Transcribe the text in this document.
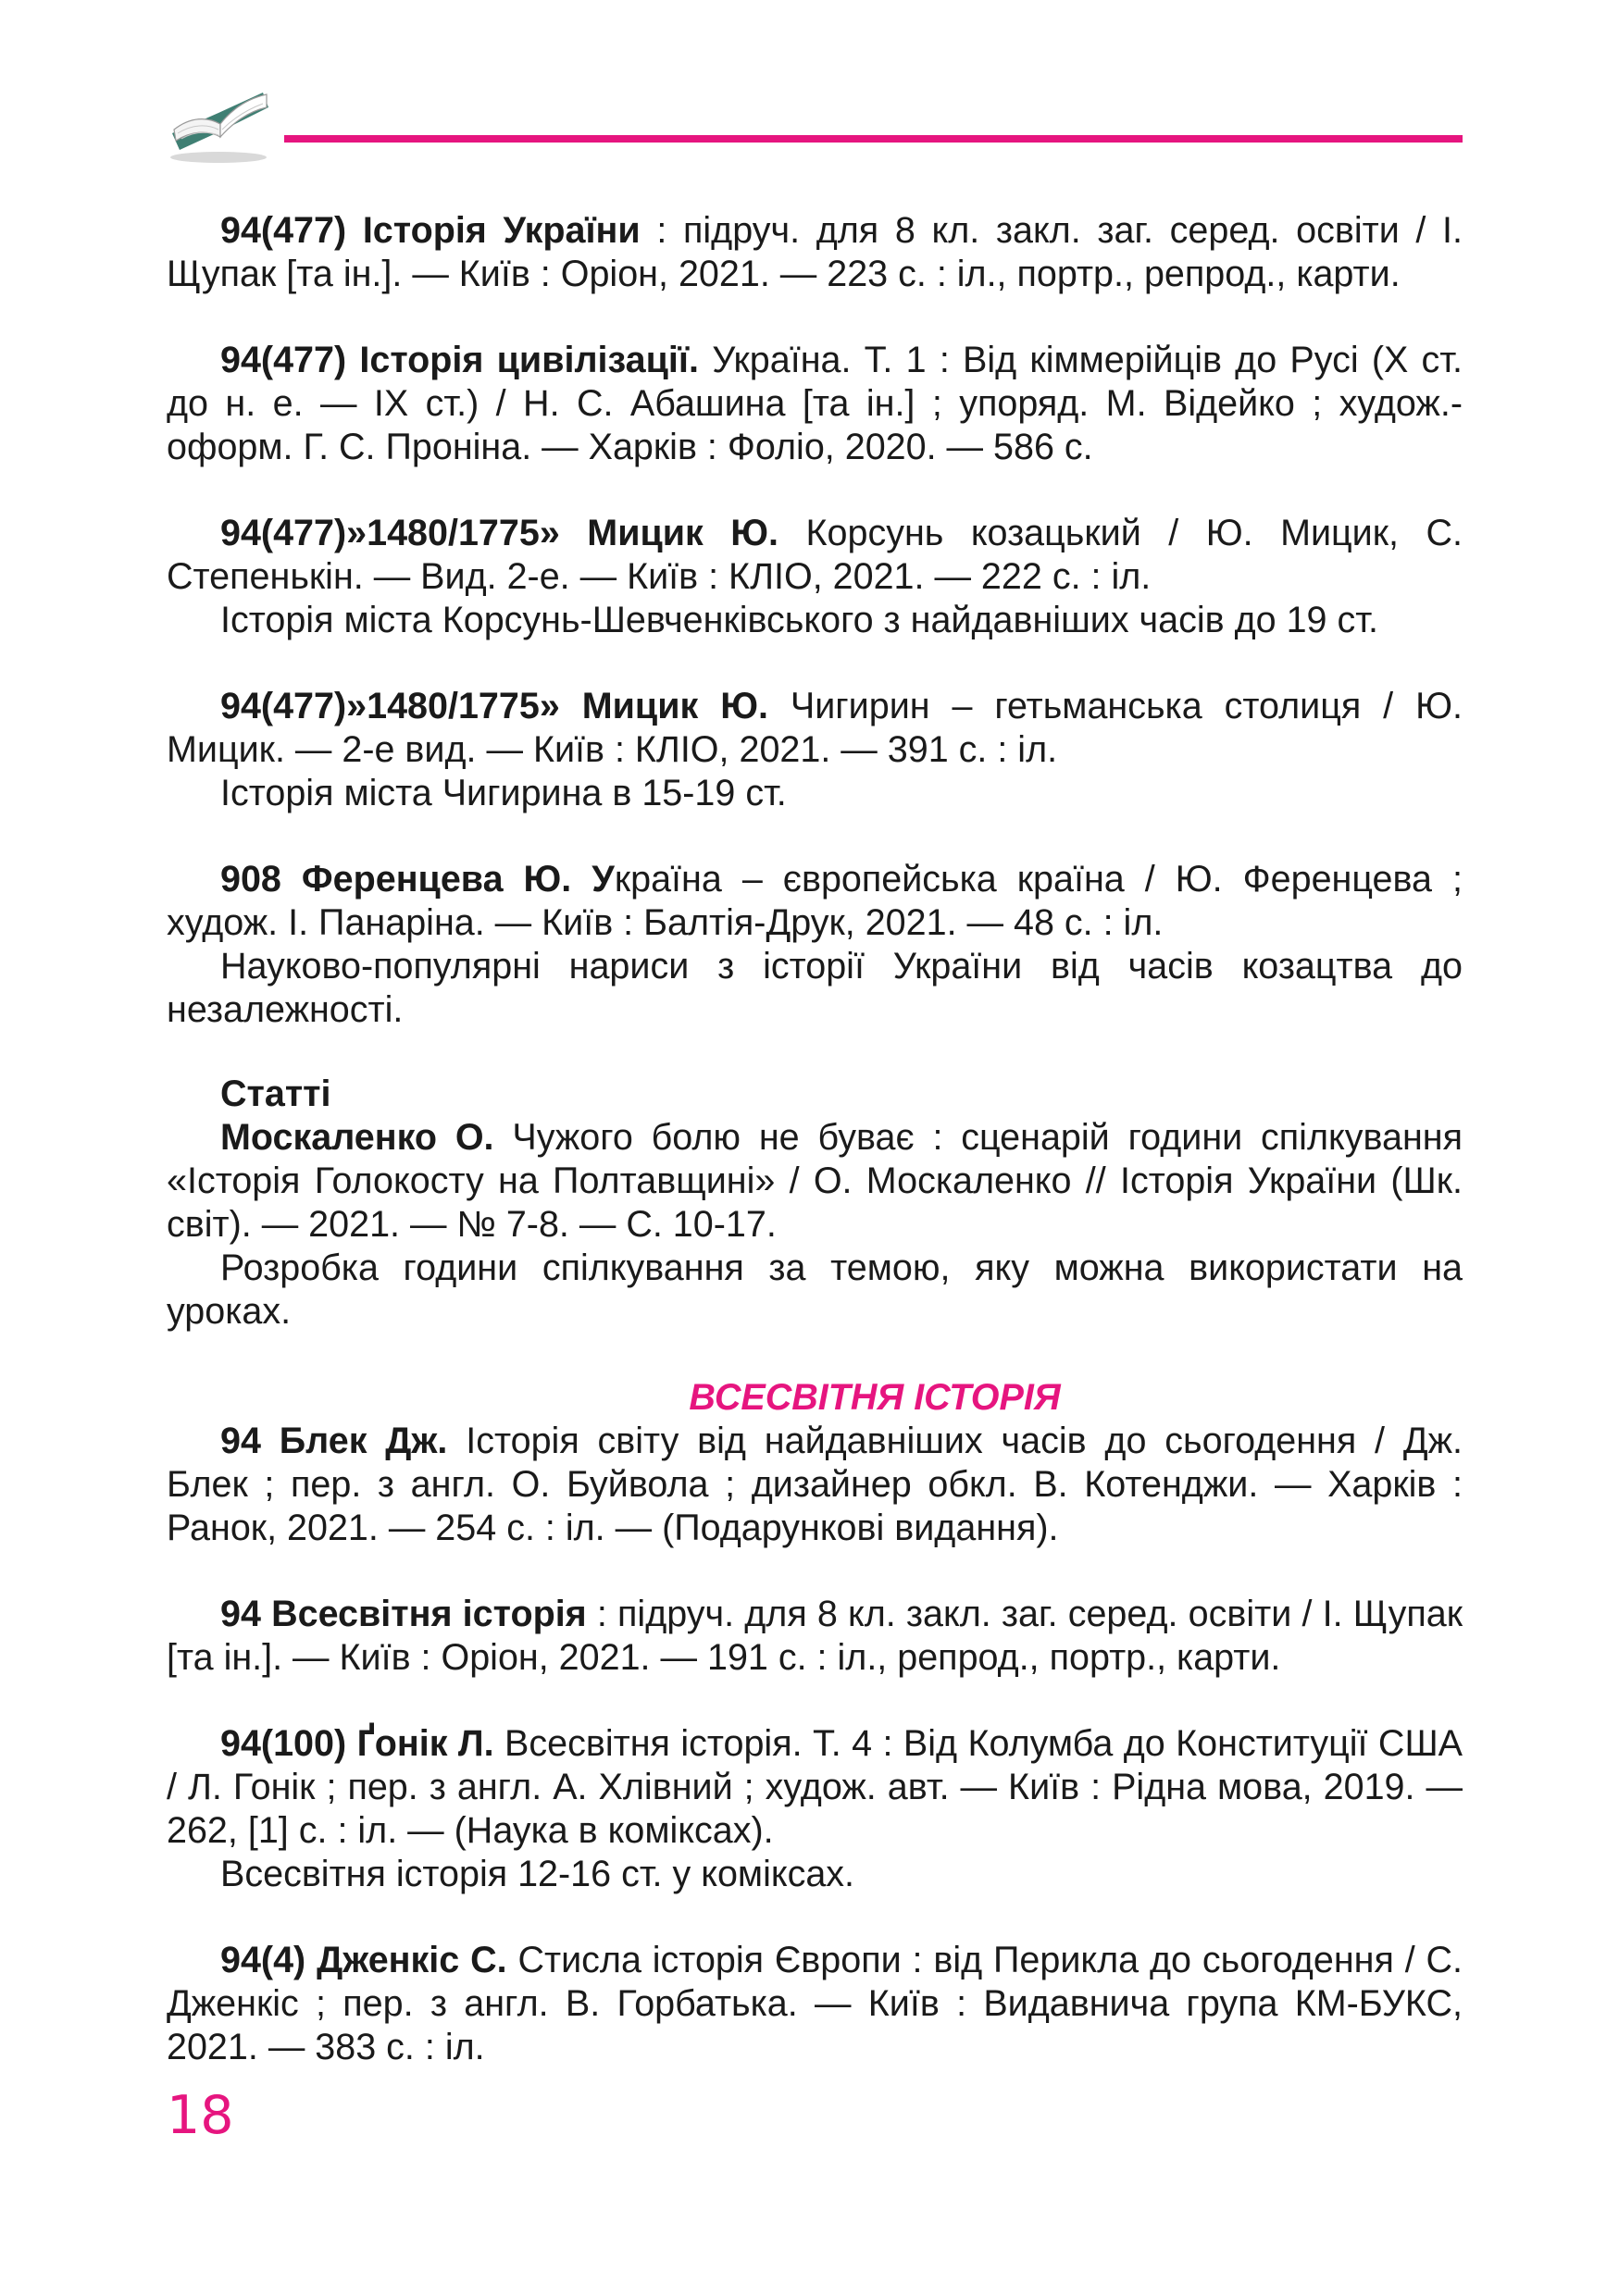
94(477) Історія України : підруч. для 8 кл. закл. заг. серед. освіти / І. Щупак [та ін.]. — Київ : Оріон, 2021. — 223 с. : іл., портр., репрод., карти.

94(477) Історія цивілізації. Україна. Т. 1 : Від кіммерійців до Русі (X ст. до н. е. — IX ст.) / Н. С. Абашина [та ін.] ; упоряд. М. Відейко ; худож.-оформ. Г. С. Проніна. — Харків : Фоліо, 2020. — 586 с.

94(477)»1480/1775» Мицик Ю. Корсунь козацький / Ю. Мицик, С. Степенькін. — Вид. 2-е. — Київ : КЛІО, 2021. — 222 с. : іл.

Історія міста Корсунь-Шевченківського з найдавніших часів до 19 ст.

94(477)»1480/1775» Мицик Ю. Чигирин – гетьманська столиця / Ю. Мицик. — 2-е вид. — Київ : КЛІО, 2021. — 391 с. : іл.

Історія міста Чигирина в 15-19 ст.

908 Ференцева Ю. Україна – європейська країна / Ю. Ференцева ; худож. І. Панаріна. — Київ : Балтія-Друк, 2021. — 48 с. : іл.

Науково-популярні нариси з історії України від часів козацтва до незалежності.

Статті

Москаленко О. Чужого болю не буває : сценарій години спілкування «Історія Голокосту на Полтавщині» / О. Москаленко // Історія України (Шк. світ). — 2021. — № 7-8. — С. 10-17.

Розробка години спілкування за темою, яку можна використати на уроках.

ВСЕСВІТНЯ ІСТОРІЯ

94 Блек Дж. Історія світу від найдавніших часів до сьогодення / Дж. Блек ; пер. з англ. О. Буйвола ; дизайнер обкл. В. Котенджи. — Харків : Ранок, 2021. — 254 с. : іл. — (Подарункові видання).

94 Всесвітня історія : підруч. для 8 кл. закл. заг. серед. освіти / І. Щупак [та ін.]. — Київ : Оріон, 2021. — 191 с. : іл., репрод., портр., карти.

94(100) Ґонік Л. Всесвітня історія. Т. 4 : Від Колумба до Конституції США / Л. Гонік ; пер. з англ. А. Хлівний ; худож. авт. — Київ : Рідна мова, 2019. — 262, [1] с. : іл. — (Наука в коміксах).

Всесвітня історія 12-16 ст. у коміксах.

94(4) Дженкіс С. Стисла історія Європи : від Перикла до сьогодення / С. Дженкіс ; пер. з англ. В. Горбатька. — Київ : Видавнича група КМ-БУКС, 2021. — 383 с. : іл.

18
